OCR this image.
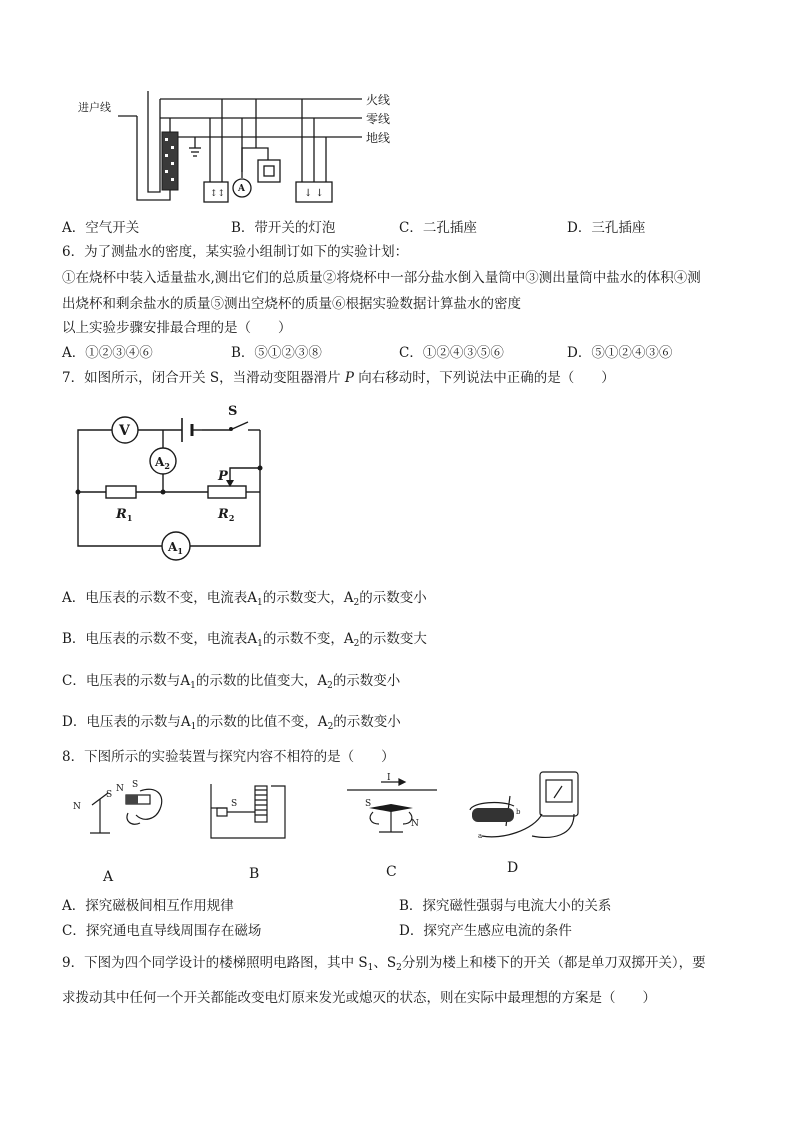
进户线
火线
零线
地线
↕↕ A	↓ ↓
A．空气开关	B．带开关的灯泡	C．二孔插座	D．三孔插座
6．为了测盐水的密度，某实验小组制订如下的实验计划：
①在烧杯中装入适量盐水,测出它们的总质量②将烧杯中一部分盐水倒入量筒中③测出量筒中盐水的体积④测
出烧杯和剩余盐水的质量⑤测出空烧杯的质量⑥根据实验数据计算盐水的密度
以上实验步骤安排最合理的是（　　）
A．①②③④⑥	B．⑤①②③⑧	C．①②④③⑤⑥	D．⑤①②④③⑥
7．如图所示，闭合开关 S，当滑动变阻器滑片 P 向右移动时，下列说法中正确的是（　　）
V
S
$A_2$
P
$R_1$	$R_2$
$A_1$
A．电压表的示数不变，电流表$A_1$的示数变大，$A_2$的示数变小
B．电压表的示数不变，电流表$A_1$的示数不变，$A_2$的示数变大
C．电压表的示数与$A_1$的示数的比值变大，$A_2$的示数变小
D．电压表的示数与$A_1$的示数的比值不变，$A_2$的示数变小
8．下图所示的实验装置与探究内容不相符的是（　　）
N
S
N S
S
I
S
N
b
a
A	B	C	D
A．探究磁极间相互作用规律	B．探究磁性强弱与电流大小的关系
C．探究通电直导线周围存在磁场	D．探究产生感应电流的条件
9．下图为四个同学设计的楼梯照明电路图，其中 $S_1$、$S_2$分别为楼上和楼下的开关（都是单刀双掷开关），要
求拨动其中任何一个开关都能改变电灯原来发光或熄灭的状态，则在实际中最理想的方案是（　　）
